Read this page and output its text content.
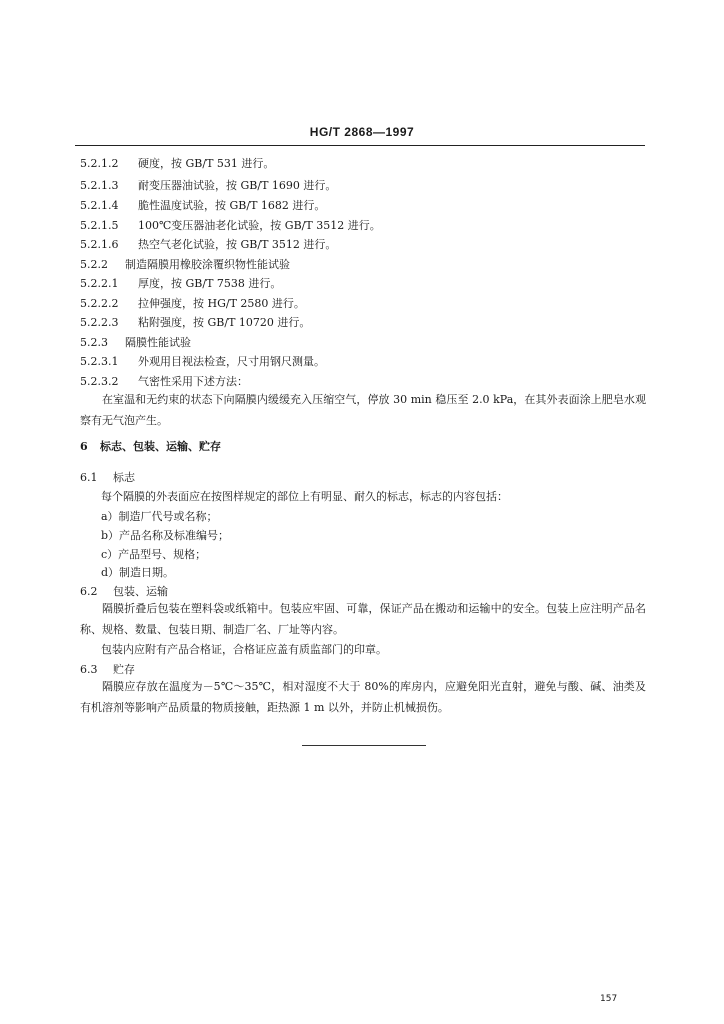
HG/T 2868—1997
5.2.1.2 硬度，按 GB/T 531 进行。
5.2.1.3 耐变压器油试验，按 GB/T 1690 进行。
5.2.1.4 脆性温度试验，按 GB/T 1682 进行。
5.2.1.5 100℃变压器油老化试验，按 GB/T 3512 进行。
5.2.1.6 热空气老化试验，按 GB/T 3512 进行。
5.2.2 制造隔膜用橡胶涂覆织物性能试验
5.2.2.1 厚度，按 GB/T 7538 进行。
5.2.2.2 拉伸强度，按 HG/T 2580 进行。
5.2.2.3 粘附强度，按 GB/T 10720 进行。
5.2.3 隔膜性能试验
5.2.3.1 外观用目视法检查，尺寸用钢尺测量。
5.2.3.2 气密性采用下述方法：
在室温和无约束的状态下向隔膜内缓缓充入压缩空气，停放 30 min 稳压至 2.0 kPa，在其外表面涂上肥皂水观察有无气泡产生。
6 标志、包装、运输、贮存
6.1 标志
每个隔膜的外表面应在按图样规定的部位上有明显、耐久的标志，标志的内容包括：
a）制造厂代号或名称；
b）产品名称及标准编号；
c）产品型号、规格；
d）制造日期。
6.2 包装、运输
隔膜折叠后包装在塑料袋或纸箱中。包装应牢固、可靠，保证产品在搬动和运输中的安全。包装上应注明产品名称、规格、数量、包装日期、制造厂名、厂址等内容。
包装内应附有产品合格证，合格证应盖有质监部门的印章。
6.3 贮存
隔膜应存放在温度为－5℃～35℃，相对湿度不大于 80%的库房内，应避免阳光直射，避免与酸、碱、油类及有机溶剂等影响产品质量的物质接触，距热源 1 m 以外，并防止机械损伤。
157
